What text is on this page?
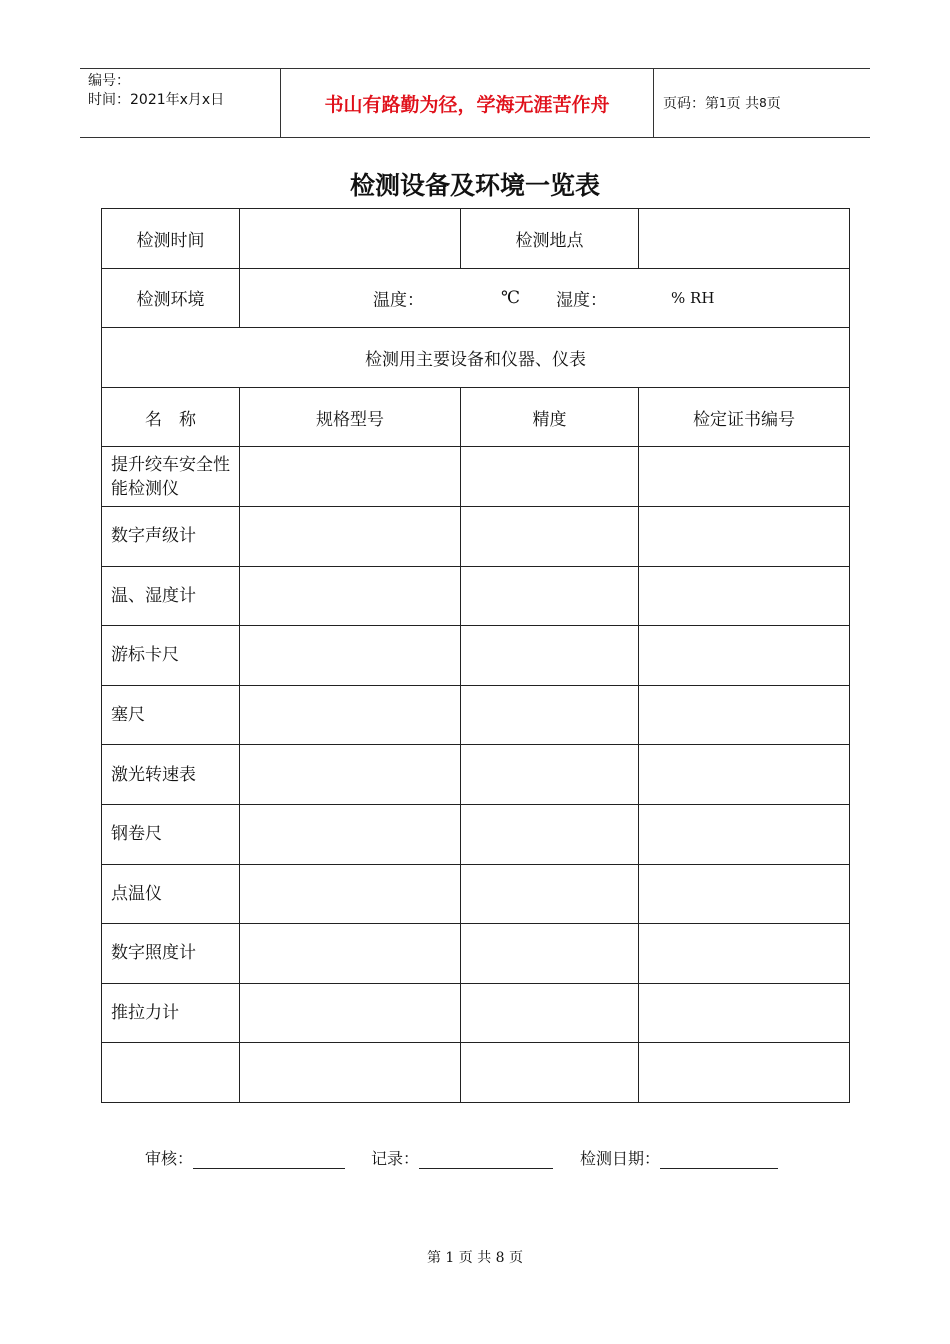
编号：
时间：2021年x月x日	书山有路勤为径，学海无涯苦作舟	页码：第 1 页 共 8 页
检测设备及环境一览表
检测时间		检测地点	
检测环境	温度： ℃ 湿度： % RH		

检测用主要设备和仪器、仪表			
名　称	规格型号	精度	检定证书编号
提升绞车安全性能检测仪			
数字声级计			
温、湿度计			
游标卡尺			
塞尺			
激光转速表			
钢卷尺			
点温仪			
数字照度计			
推拉力计			

审核：	记录：	检测日期：
第 1 页 共 8 页
